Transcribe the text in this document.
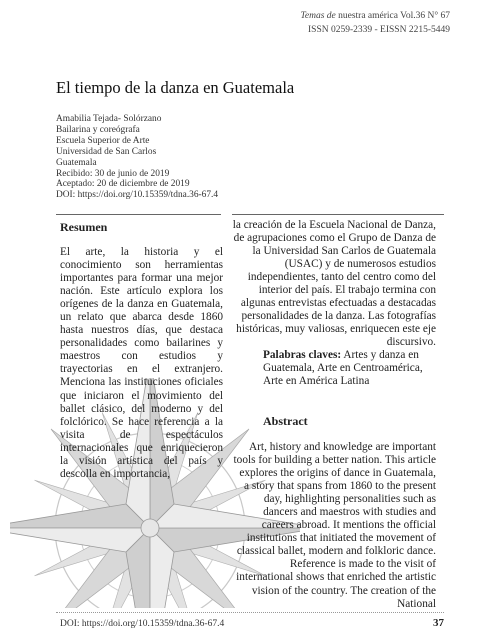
Temas de nuestra américa Vol.36 N° 67
ISSN 0259-2339 - EISSN 2215-5449
El tiempo de la danza en Guatemala
Amabilia Tejada- Solórzano
Bailarina y coreógrafa
Escuela Superior de Arte
Universidad de San Carlos
Guatemala
Recibido: 30 de junio de 2019
Aceptado: 20 de diciembre de 2019
DOI: https://doi.org/10.15359/tdna.36-67.4
Resumen
El arte, la historia y el conocimiento son herramientas importantes para formar una mejor nación. Este artículo explora los orígenes de la danza en Guatemala, un relato que abarca desde 1860 hasta nuestros días, que destaca personalidades como bailarines y maestros con estudios y trayectorias en el extranjero. Menciona las instituciones oficiales que iniciaron el movimiento del ballet clásico, del moderno y del folclórico. Se hace referencia a la visita de espectáculos internacionales que enriquecieron la visión artística del país y descolla en importancia,
la creación de la Escuela Nacional de Danza, de agrupaciones como el Grupo de Danza de la Universidad San Carlos de Guatemala (USAC) y de numerosos estudios independientes, tanto del centro como del interior del país. El trabajo termina con algunas entrevistas efectuadas a destacadas personalidades de la danza. Las fotografías históricas, muy valiosas, enriquecen este eje discursivo.
Palabras claves: Artes y danza en Guatemala, Arte en Centroamérica, Arte en América Latina
Abstract
Art, history and knowledge are important tools for building a better nation. This article explores the origins of dance in Guatemala, a story that spans from 1860 to the present day, highlighting personalities such as dancers and maestros with studies and careers abroad. It mentions the official institutions that initiated the movement of classical ballet, modern and folkloric dance. Reference is made to the visit of international shows that enriched the artistic vision of the country. The creation of the National
DOI: https://doi.org/10.15359/tdna.36-67.4	37
